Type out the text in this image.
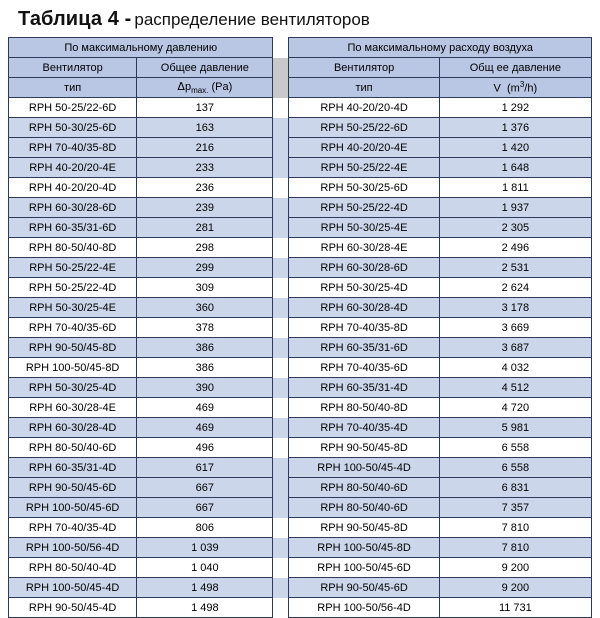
Таблица 4 - распределение вентиляторов
По максимальному давлению			По максимальному расходу воздуха	
Вентилятор	Общее давление		Вентилятор	Общ ее давление
тип	$\Delta p_{max.}$ (Pa)		тип	V $(m^3/h)$
RPH 50-25/22-6D	137		RPH 40-20/20-4D	1 292
RPH 50-30/25-6D	163		RPH 50-25/22-6D	1 376
RPH 70-40/35-8D	216		RPH 40-20/20-4E	1 420
RPH 40-20/20-4E	233		RPH 50-25/22-4E	1 648
RPH 40-20/20-4D	236		RPH 50-30/25-6D	1 811
RPH 60-30/28-6D	239		RPH 50-25/22-4D	1 937
RPH 60-35/31-6D	281		RPH 50-30/25-4E	2 305
RPH 80-50/40-8D	298		RPH 60-30/28-4E	2 496
RPH 50-25/22-4E	299		RPH 60-30/28-6D	2 531
RPH 50-25/22-4D	309		RPH 50-30/25-4D	2 624
RPH 50-30/25-4E	360		RPH 60-30/28-4D	3 178
RPH 70-40/35-6D	378		RPH 70-40/35-8D	3 669
RPH 90-50/45-8D	386		RPH 60-35/31-6D	3 687
RPH 100-50/45-8D	386		RPH 70-40/35-6D	4 032
RPH 50-30/25-4D	390		RPH 60-35/31-4D	4 512
RPH 60-30/28-4E	469		RPH 80-50/40-8D	4 720
RPH 60-30/28-4D	469		RPH 70-40/35-4D	5 981
RPH 80-50/40-6D	496		RPH 90-50/45-8D	6 558
RPH 60-35/31-4D	617		RPH 100-50/45-4D	6 558
RPH 90-50/45-6D	667		RPH 80-50/40-6D	6 831
RPH 100-50/45-6D	667		RPH 80-50/40-6D	7 357
RPH 70-40/35-4D	806		RPH 90-50/45-8D	7 810
RPH 100-50/56-4D	1 039		RPH 100-50/45-8D	7 810
RPH 80-50/40-4D	1 040		RPH 100-50/45-6D	9 200
RPH 100-50/45-4D	1 498		RPH 90-50/45-6D	9 200
RPH 90-50/45-4D	1 498		RPH 100-50/56-4D	11 731
